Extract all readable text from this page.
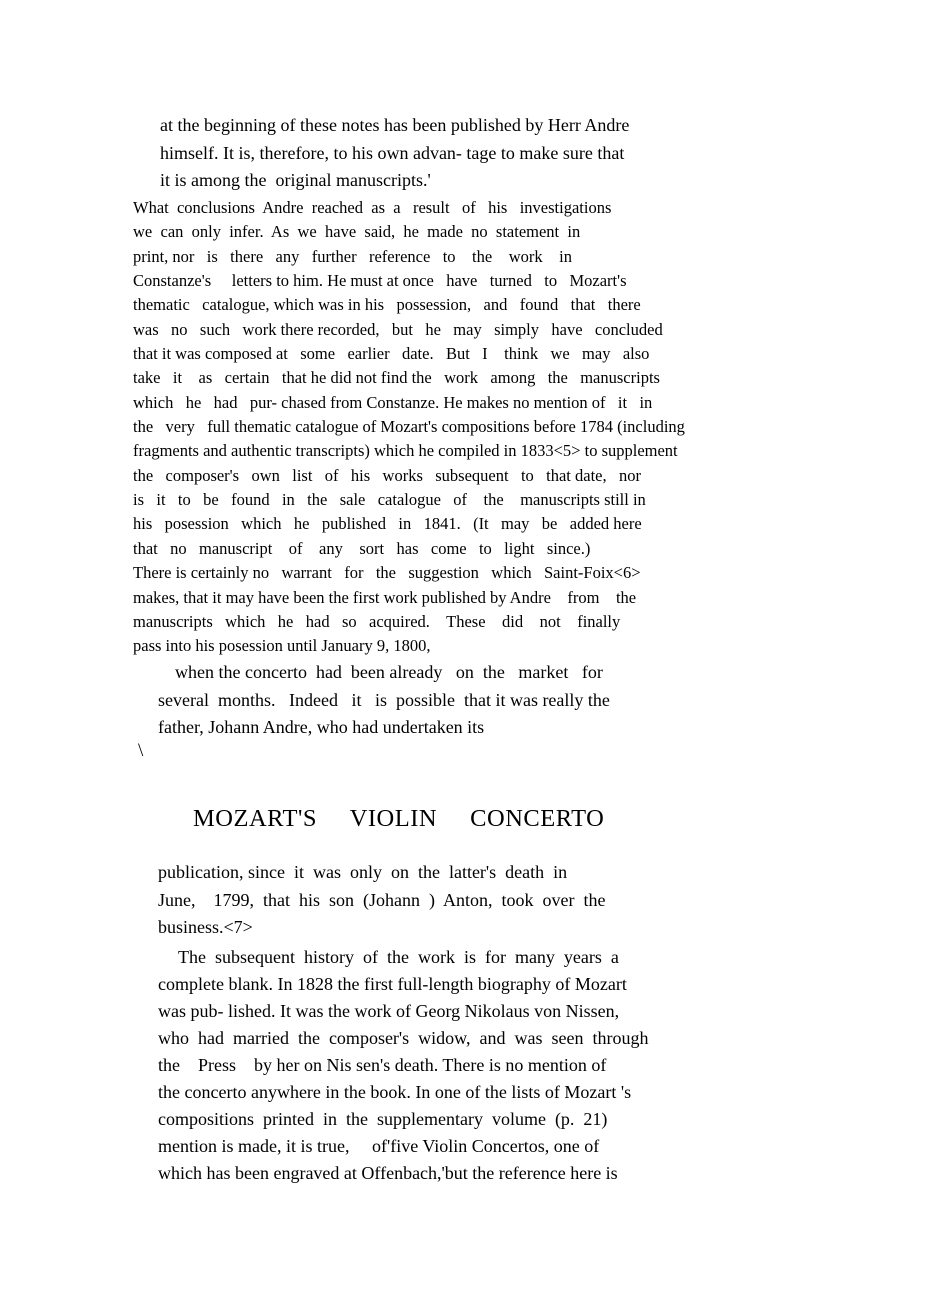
at the beginning of these notes has been published by Herr Andre
himself. It is, therefore, to his own advan- tage to make sure that
it is among the  original manuscripts.'
What  conclusions  Andre  reached  as  a   result   of   his   investigations
we  can  only  infer.  As  we  have  said,  he  made  no  statement  in
print, nor   is   there   any   further   reference   to    the    work    in
Constanze's     letters to him. He must at once   have   turned   to   Mozart's
thematic   catalogue, which was in his   possession,   and   found   that   there
was   no   such   work there recorded,   but   he   may   simply   have   concluded
that it was composed at   some   earlier   date.   But   I    think   we   may   also
take   it    as   certain   that he did not find the   work   among   the   manuscripts
which   he   had   pur- chased from Constanze. He makes no mention of   it   in
the   very   full thematic catalogue of Mozart's compositions before 1784 (including
fragments and authentic transcripts) which he compiled in 1833<5> to supplement
the   composer's   own   list   of   his   works   subsequent   to   that date,   nor
is   it   to   be   found   in   the   sale   catalogue   of    the    manuscripts still in
his   posession   which   he   published   in   1841.   (It   may   be   added here
that   no   manuscript    of    any    sort   has   come   to   light   since.)
There is certainly no   warrant   for   the   suggestion   which   Saint-Foix<6>
makes, that it may have been the first work published by Andre    from    the
manuscripts   which   he   had   so   acquired.    These    did    not    finally
pass into his posession until January 9, 1800,
when the concerto  had  been already   on  the   market   for
several  months.   Indeed   it   is  possible  that it was really the
father, Johann Andre, who had undertaken its
\
MOZART'S     VIOLIN     CONCERTO
publication, since  it  was  only  on  the  latter's  death  in
June,    1799,  that  his  son  (Johann  )  Anton,  took  over  the
business.<7>
The  subsequent  history  of  the  work  is  for  many  years  a
complete blank. In 1828 the first full-length biography of Mozart
was pub- lished. It was the work of Georg Nikolaus von Nissen,
who  had  married  the  composer's  widow,  and  was  seen  through
the    Press    by her on Nis sen's death. There is no mention of
the concerto anywhere in the book. In one of the lists of Mozart 's
compositions  printed  in  the  supplementary  volume  (p.  21)
mention is made, it is true,     of'five Violin Concertos, one of
which has been engraved at Offenbach,'but the reference here is
